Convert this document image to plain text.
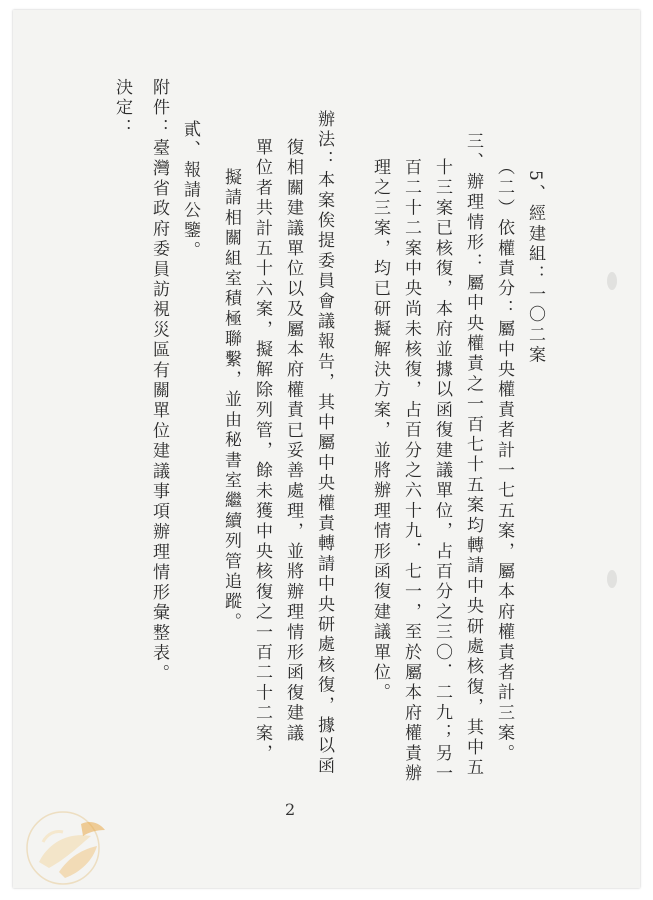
5、經建組：一〇二案
（二）依權責分：屬中央權責者計一七五案，屬本府權責者計三案。
三、辦理情形：屬中央權責之一百七十五案均轉請中央研處核復，其中五
十三案已核復，本府並據以函復建議單位，占百分之三〇．二九；另一
百二十二案中央尚未核復，占百分之六十九．七一，至於屬本府權責辦
理之三案，均已研擬解決方案，並將辦理情形函復建議單位。
辦法：本案俟提委員會議報告，其中屬中央權責轉請中央研處核復，據以函
復相關建議單位以及屬本府權責已妥善處理，並將辦理情形函復建議
單位者共計五十六案，擬解除列管，餘未獲中央核復之一百二十二案，
擬請相關組室積極聯繫，並由秘書室繼續列管追蹤。
貳、報請公鑒。
附件：臺灣省政府委員訪視災區有關單位建議事項辦理情形彙整表。
決定：
2
